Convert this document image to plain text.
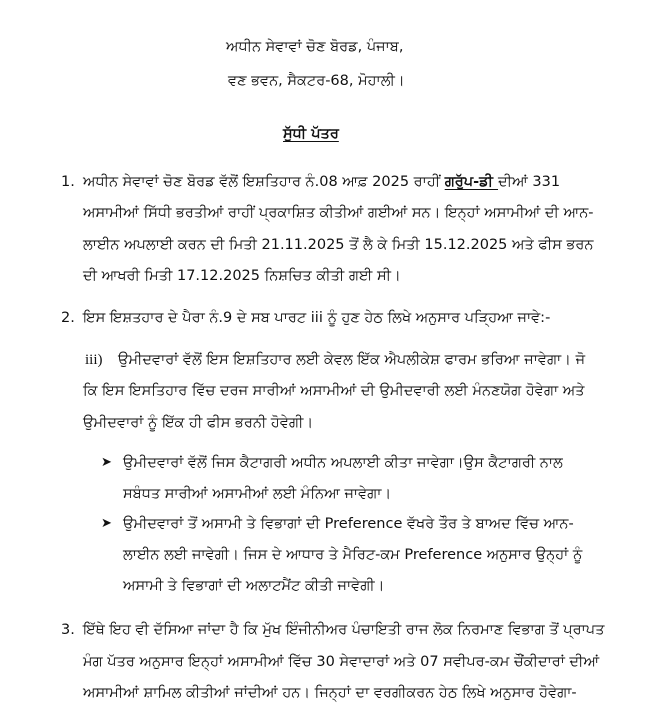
ਅਧੀਨ ਸੇਵਾਵਾਂ ਚੋਣ ਬੋਰਡ, ਪੰਜਾਬ,
ਵਣ ਭਵਨ, ਸੈਕਟਰ-68, ਮੋਹਾਲੀ।
ਸੁੱਧੀ ਪੱਤਰ
1. ਅਧੀਨ ਸੇਵਾਵਾਂ ਚੋਣ ਬੋਰਡ ਵੱਲੋਂ ਇਸ਼ਤਿਹਾਰ ਨੰ.08 ਆਫ਼ 2025 ਰਾਹੀਂ ਗਰੁੱਪ-ਡੀ ਦੀਆਂ 331
ਅਸਾਮੀਆਂ ਸਿੱਧੀ ਭਰਤੀਆਂ ਰਾਹੀਂ ਪ੍ਰਕਾਸ਼ਿਤ ਕੀਤੀਆਂ ਗਈਆਂ ਸਨ। ਇਨ੍ਹਾਂ ਅਸਾਮੀਆਂ ਦੀ ਆਨ-
ਲਾਈਨ ਅਪਲਾਈ ਕਰਨ ਦੀ ਮਿਤੀ 21.11.2025 ਤੋਂ ਲੈ ਕੇ ਮਿਤੀ 15.12.2025 ਅਤੇ ਫੀਸ ਭਰਨ
ਦੀ ਆਖਰੀ ਮਿਤੀ 17.12.2025 ਨਿਸ਼ਚਿਤ ਕੀਤੀ ਗਈ ਸੀ।
2. ਇਸ ਇਸ਼ਤਹਾਰ ਦੇ ਪੈਰਾ ਨੰ.9 ਦੇ ਸਬ ਪਾਰਟ iii ਨੂੰ ਹੁਣ ਹੇਠ ਲਿਖੇ ਅਨੁਸਾਰ ਪੜ੍ਹਿਆ ਜਾਵੇ:-
iii) ਉਮੀਦਵਾਰਾਂ ਵੱਲੋਂ ਇਸ ਇਸ਼ਤਿਹਾਰ ਲਈ ਕੇਵਲ ਇੱਕ ਐਪਲੀਕੇਸ਼ ਫਾਰਮ ਭਰਿਆ ਜਾਵੇਗਾ। ਜੋ
ਕਿ ਇਸ ਇਸਤਿਹਾਰ ਵਿੱਚ ਦਰਜ ਸਾਰੀਆਂ ਅਸਾਮੀਆਂ ਦੀ ਉਮੀਦਵਾਰੀ ਲਈ ਮੰਨਣਯੋਗ ਹੋਵੇਗਾ ਅਤੇ
ਉਮੀਦਵਾਰਾਂ ਨੂੰ ਇੱਕ ਹੀ ਫੀਸ ਭਰਨੀ ਹੋਵੇਗੀ।
➤ ਉਮੀਦਵਾਰਾਂ ਵੱਲੋਂ ਜਿਸ ਕੈਟਾਗਰੀ ਅਧੀਨ ਅਪਲਾਈ ਕੀਤਾ ਜਾਵੇਗਾ।ਉਸ ਕੈਟਾਗਰੀ ਨਾਲ
ਸਬੰਧਤ ਸਾਰੀਆਂ ਅਸਾਮੀਆਂ ਲਈ ਮੰਨਿਆ ਜਾਵੇਗਾ।
➤ ਉਮੀਦਵਾਰਾਂ ਤੋਂ ਅਸਾਮੀ ਤੇ ਵਿਭਾਗਾਂ ਦੀ Preference ਵੱਖਰੇ ਤੌਰ ਤੇ ਬਾਅਦ ਵਿੱਚ ਆਨ-
ਲਾਈਨ ਲਈ ਜਾਵੇਗੀ। ਜਿਸ ਦੇ ਆਧਾਰ ਤੇ ਮੈਰਿਟ-ਕਮ Preference ਅਨੁਸਾਰ ਉਨ੍ਹਾਂ ਨੂੰ
ਅਸਾਮੀ ਤੇ ਵਿਭਾਗਾਂ ਦੀ ਅਲਾਟਮੈਂਟ ਕੀਤੀ ਜਾਵੇਗੀ।
3. ਇੱਥੇ ਇਹ ਵੀ ਦੱਸਿਆ ਜਾਂਦਾ ਹੈ ਕਿ ਮੁੱਖ ਇੰਜੀਨੀਅਰ ਪੰਚਾਇਤੀ ਰਾਜ ਲੋਕ ਨਿਰਮਾਣ ਵਿਭਾਗ ਤੋਂ ਪ੍ਰਾਪਤ
ਮੰਗ ਪੱਤਰ ਅਨੁਸਾਰ ਇਨ੍ਹਾਂ ਅਸਾਮੀਆਂ ਵਿੱਚ 30 ਸੇਵਾਦਾਰਾਂ ਅਤੇ 07 ਸਵੀਪਰ-ਕਮ ਚੌਂਕੀਦਾਰਾਂ ਦੀਆਂ
ਅਸਾਮੀਆਂ ਸ਼ਾਮਿਲ ਕੀਤੀਆਂ ਜਾਂਦੀਆਂ ਹਨ। ਜਿਨ੍ਹਾਂ ਦਾ ਵਰਗੀਕਰਨ ਹੇਠ ਲਿਖੇ ਅਨੁਸਾਰ ਹੋਵੇਗਾ-
